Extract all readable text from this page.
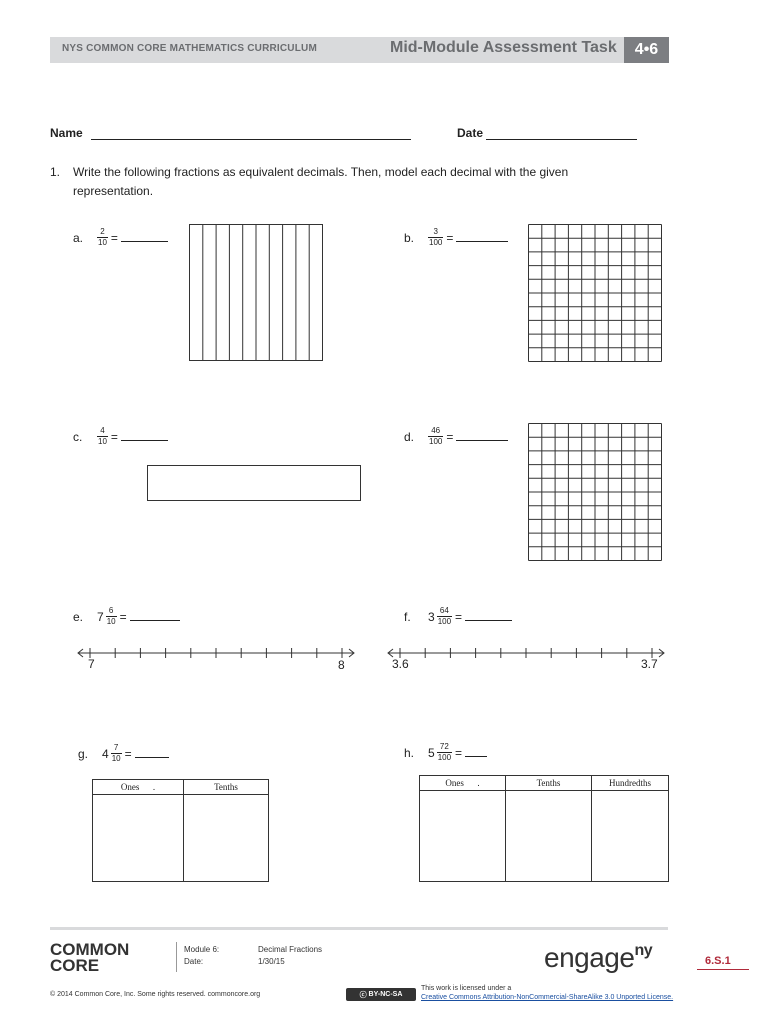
NYS COMMON CORE MATHEMATICS CURRICULUM	Mid-Module Assessment Task	4•6
Name	Date
1. Write the following fractions as equivalent decimals. Then, model each decimal with the given
representation.
a.	$\frac{2}{10}$ =	b.	$\frac{3}{100}$ =
c.	$\frac{4}{10}$ =	d.	$\frac{46}{100}$ =
e.	$7 \frac{6}{10}$ =
7	8
f.	$3 \frac{64}{100}$ =
3.6	3.7
g.	$4 \frac{7}{10}$ =
Ones .	Tenths

h.	$5 \frac{72}{100}$ =
Ones .	Tenths	Hundredths

COMMON
CORE
Module 6:	Decimal Fractions
Date:	1/30/15	engage$^{ny}$
6.S.1
© 2014 Common Core, Inc. Some rights reserved. commoncore.org	ⓒ BY-NC-SA
This work is licensed under a
Creative Commons Attribution-NonCommercial-ShareAlike 3.0 Unported License.
